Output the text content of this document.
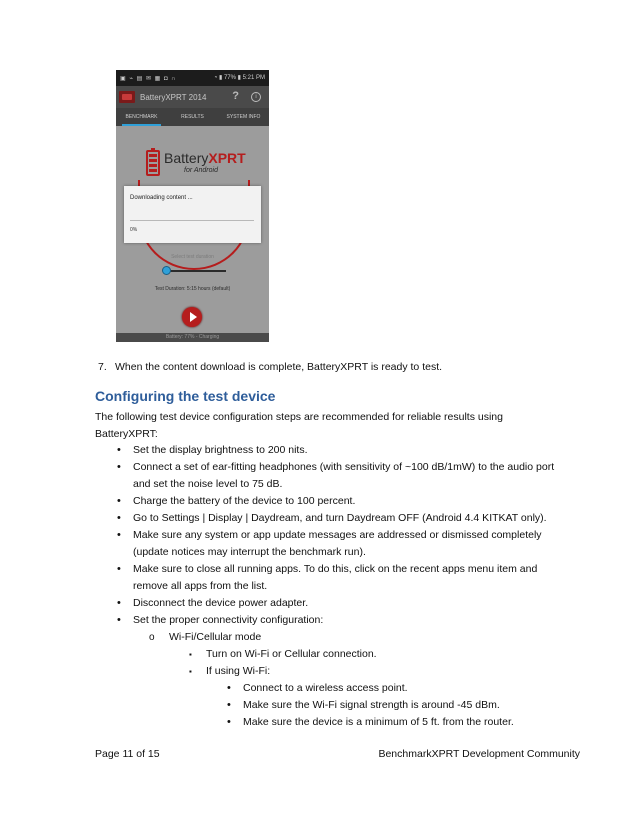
▣ ⌁ ▤ ✉ ▦ ◘ ∩	◔ ▮ 77% ▮ 5:21 PM
BatteryXPRT 2014 ?	i
BENCHMARK	RESULTS	SYSTEM INFO
BatteryXPRT
for Android
Select test duration
Test Duration: 5:15 hours (default)
Downloading content ...
0%
Battery: 77% - Charging
7. When the content download is complete, BatteryXPRT is ready to test.
Configuring the test device
The following test device configuration steps are recommended for reliable results using BatteryXPRT:
• Set the display brightness to 200 nits.
• Connect a set of ear-fitting headphones (with sensitivity of ~100 dB/1mW) to the audio port and set the noise level to 75 dB.
• Charge the battery of the device to 100 percent.
• Go to Settings | Display | Daydream, and turn Daydream OFF (Android 4.4 KITKAT only).
• Make sure any system or app update messages are addressed or dismissed completely (update notices may interrupt the benchmark run).
• Make sure to close all running apps. To do this, click on the recent apps menu item and remove all apps from the list.
• Disconnect the device power adapter.
• Set the proper connectivity configuration:
o Wi-Fi/Cellular mode
▪ Turn on Wi-Fi or Cellular connection.
▪ If using Wi-Fi:
• Connect to a wireless access point.
• Make sure the Wi-Fi signal strength is around -45 dBm.
• Make sure the device is a minimum of 5 ft. from the router.
Page 11 of 15	BenchmarkXPRT Development Community
